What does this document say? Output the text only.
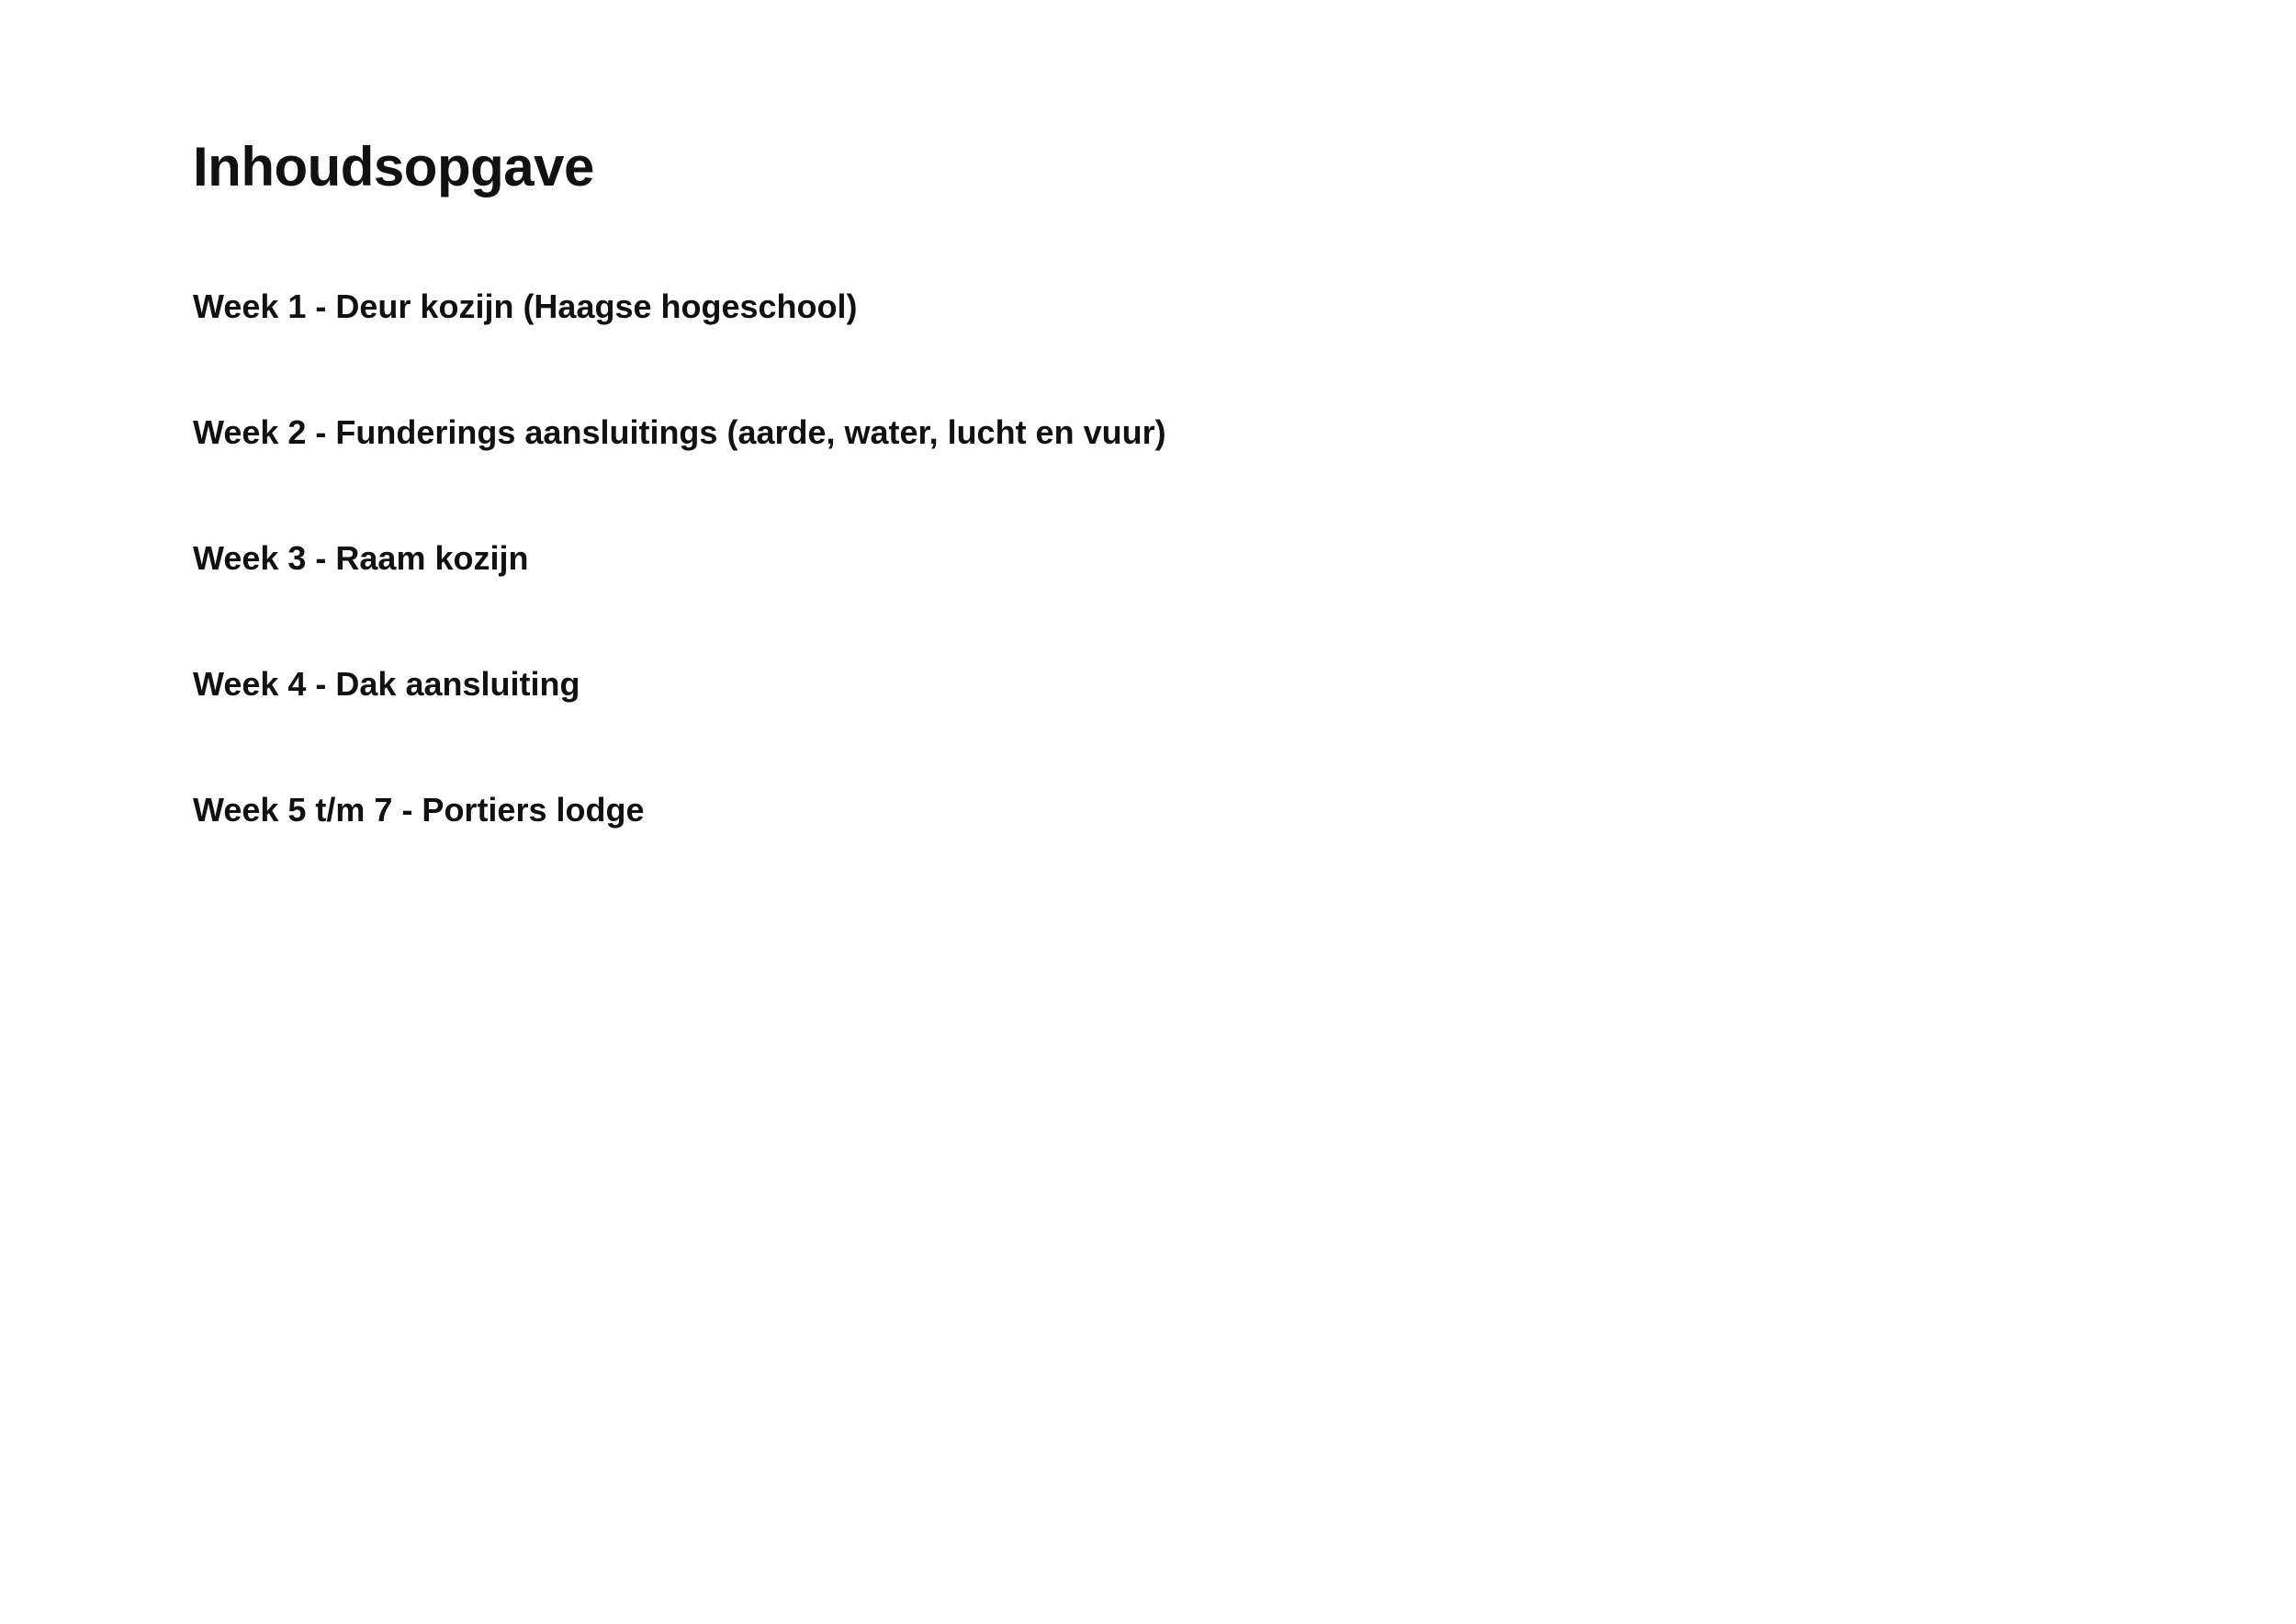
Inhoudsopgave
Week 1 - Deur kozijn (Haagse hogeschool)
Week 2 - Funderings aansluitings (aarde, water, lucht en vuur)
Week 3 - Raam kozijn
Week 4 - Dak aansluiting
Week 5 t/m 7 - Portiers lodge
